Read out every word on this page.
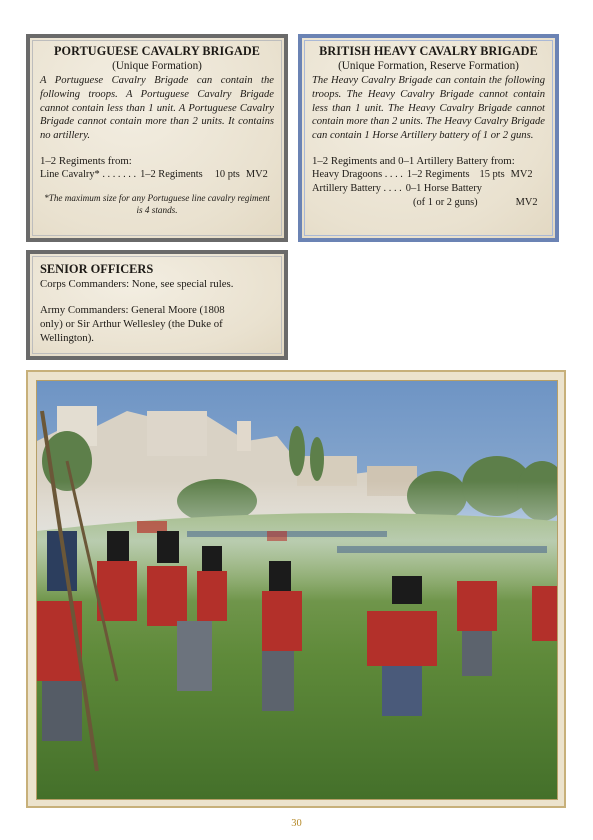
PORTUGUESE CAVALRY BRIGADE
(Unique Formation)
A Portuguese Cavalry Brigade can contain the following troops. A Portuguese Cavalry Brigade cannot contain less than 1 unit. A Portuguese Cavalry Brigade cannot contain more than 2 units. It contains no artillery.
1–2 Regiments from:
Line Cavalry* . . . . . . . 1–2 Regiments 10 pts MV2
*The maximum size for any Portuguese line cavalry regiment is 4 stands.
BRITISH HEAVY CAVALRY BRIGADE
(Unique Formation, Reserve Formation)
The Heavy Cavalry Brigade can contain the following troops. The Heavy Cavalry Brigade cannot contain less than 1 unit. The Heavy Cavalry Brigade cannot contain more than 2 units. The Heavy Cavalry Brigade can contain 1 Horse Artillery battery of 1 or 2 guns.
1–2 Regiments and 0–1 Artillery Battery from:
Heavy Dragoons . . . . 1–2 Regiments 15 pts MV2
Artillery Battery . . . . 0–1 Horse Battery
(of 1 or 2 guns)	MV2
SENIOR OFFICERS
Corps Commanders: None, see special rules.
Army Commanders: General Moore (1808
only) or Sir Arthur Wellesley (the Duke of
Wellington).
30
